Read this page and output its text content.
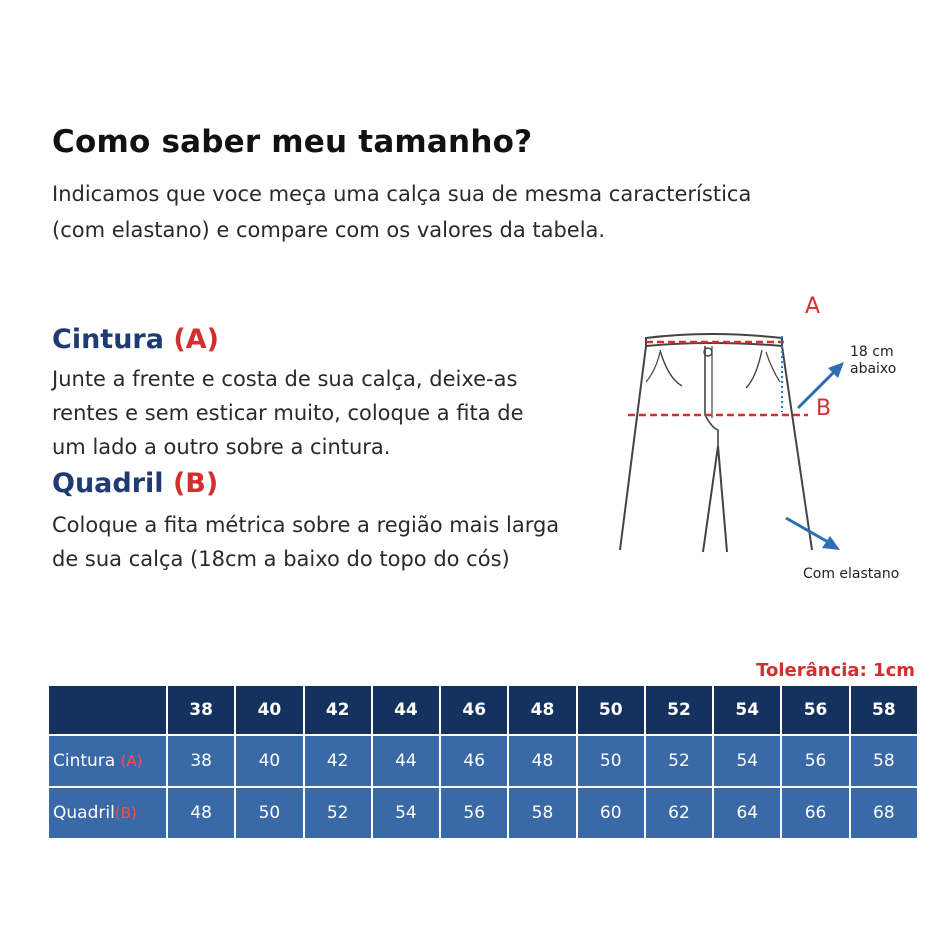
Como saber meu tamanho?
Indicamos que voce meça uma calça sua de mesma característica
(com elastano) e compare com os valores da tabela.
Cintura (A)
Junte a frente e costa de sua calça, deixe-as
rentes e sem esticar muito, coloque a fita de
um lado a outro sobre a cintura.
Quadril (B)
Coloque a fita métrica sobre a região mais larga
de sua calça (18cm a baixo do topo do cós)
A
B
18 cm
abaixo
Com elastano
Tolerância: 1cm
	38	40	42	44	46	48	50	52	54	56	58
Cintura (A)	38	40	42	44	46	48	50	52	54	56	58
Quadril(B)	48	50	52	54	56	58	60	62	64	66	68
